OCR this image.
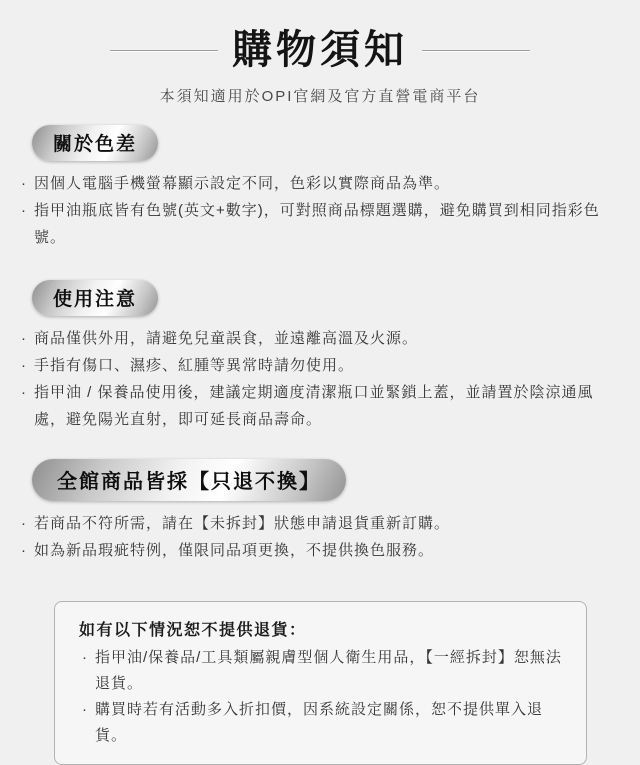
購物須知

本須知適用於OPI官網及官方直營電商平台

關於色差
· 因個人電腦手機螢幕顯示設定不同，色彩以實際商品為準。
· 指甲油瓶底皆有色號(英文+數字)，可對照商品標題選購，避免購買到相同指彩色號。
使用注意
· 商品僅供外用，請避免兒童誤食，並遠離高溫及火源。
· 手指有傷口、濕疹、紅腫等異常時請勿使用。
· 指甲油 / 保養品使用後，建議定期適度清潔瓶口並緊鎖上蓋，並請置於陰涼通風處，避免陽光直射，即可延長商品壽命。
全館商品皆採【只退不換】
· 若商品不符所需，請在【未拆封】狀態申請退貨重新訂購。
· 如為新品瑕疵特例，僅限同品項更換，不提供換色服務。

如有以下情況恕不提供退貨：

· 指甲油/保養品/工具類屬親膚型個人衛生用品，【一經拆封】恕無法退貨。
· 購買時若有活動多入折扣價，因系統設定關係，恕不提供單入退貨。
